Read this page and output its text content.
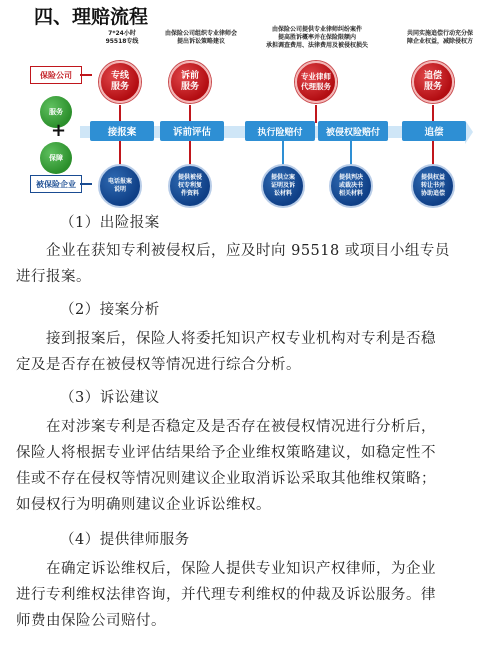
四、理赔流程
保险公司
服务
+
保障
被保险企业
7*24小时
95518专线
由保险公司组织专业律师会
提出诉讼策略建议
由保险公司提供专业律师纠纷案件
提高胜诉概率并在保险限额内
承担调查费用、法律费用及被侵权损失
共同实施追偿行动充分保
障企业权益，减除侵权方
专线
服务
诉前
服务
专业律师
代理服务
追偿
服务
接报案	诉前评估	执行险赔付	被侵权险赔付	追偿
电话报案
说明
提供被侵
权专利复
件资料
提供立案
证明及诉
讼材料
提供判决
或裁决书
相关材料
提供权益
转让书并
协助追偿
（1）出险报案
企业在获知专利被侵权后，应及时向 95518 或项目小组专员
进行报案。
（2）接案分析
接到报案后，保险人将委托知识产权专业机构对专利是否稳
定及是否存在被侵权等情况进行综合分析。
（3）诉讼建议
在对涉案专利是否稳定及是否存在被侵权情况进行分析后，
保险人将根据专业评估结果给予企业维权策略建议，如稳定性不
佳或不存在侵权等情况则建议企业取消诉讼采取其他维权策略；
如侵权行为明确则建议企业诉讼维权。
（4）提供律师服务
在确定诉讼维权后，保险人提供专业知识产权律师，为企业
进行专利维权法律咨询，并代理专利维权的仲裁及诉讼服务。律
师费由保险公司赔付。
